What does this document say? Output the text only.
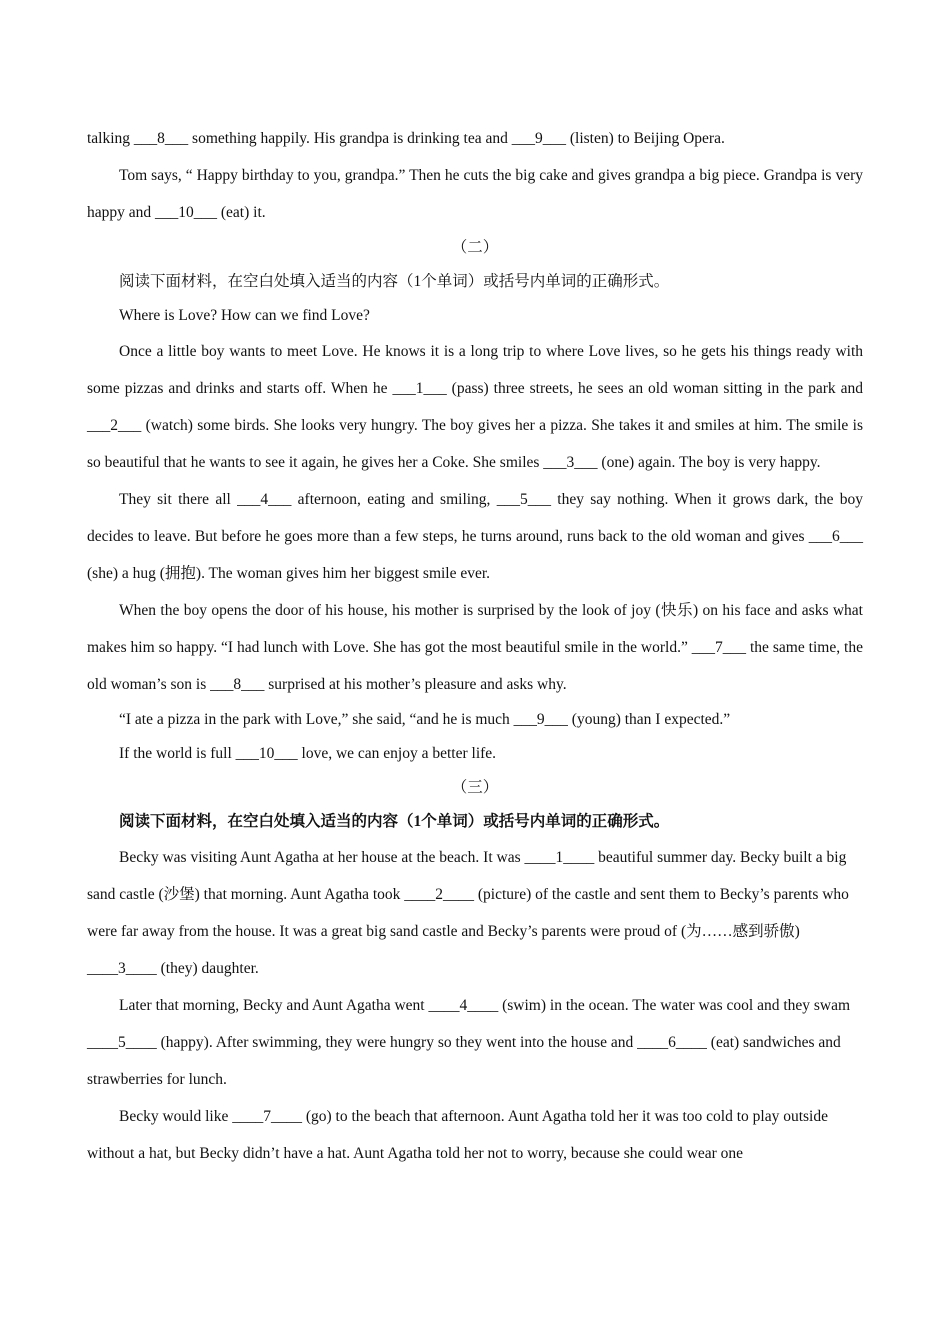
talking ___8___ something happily. His grandpa is drinking tea and ___9___ (listen) to Beijing Opera.

Tom says, “ Happy birthday to you, grandpa.” Then he cuts the big cake and gives grandpa a big piece. Grandpa is very happy and ___10___ (eat) it.

（二）

阅读下面材料，在空白处填入适当的内容（1个单词）或括号内单词的正确形式。

Where is Love? How can we find Love?

Once a little boy wants to meet Love. He knows it is a long trip to where Love lives, so he gets his things ready with some pizzas and drinks and starts off. When he ___1___ (pass) three streets, he sees an old woman sitting in the park and ___2___ (watch) some birds. She looks very hungry. The boy gives her a pizza. She takes it and smiles at him. The smile is so beautiful that he wants to see it again, he gives her a Coke. She smiles ___3___ (one) again. The boy is very happy.

They sit there all ___4___ afternoon, eating and smiling, ___5___ they say nothing. When it grows dark, the boy decides to leave. But before he goes more than a few steps, he turns around, runs back to the old woman and gives ___6___ (she) a hug (拥抱). The woman gives him her biggest smile ever.

When the boy opens the door of his house, his mother is surprised by the look of joy (快乐) on his face and asks what makes him so happy. “I had lunch with Love. She has got the most beautiful smile in the world.” ___7___ the same time, the old woman’s son is ___8___ surprised at his mother’s pleasure and asks why.

“I ate a pizza in the park with Love,” she said, “and he is much ___9___ (young) than I expected.”

If the world is full ___10___ love, we can enjoy a better life.

（三）

阅读下面材料，在空白处填入适当的内容（1个单词）或括号内单词的正确形式。

Becky was visiting Aunt Agatha at her house at the beach. It was ____1____ beautiful summer day. Becky built a big sand castle (沙堡) that morning. Aunt Agatha took ____2____ (picture) of the castle and sent them to Becky’s parents who were far away from the house. It was a great big sand castle and Becky’s parents were proud of (为……感到骄傲) ____3____ (they) daughter.

Later that morning, Becky and Aunt Agatha went ____4____ (swim) in the ocean. The water was cool and they swam ____5____ (happy). After swimming, they were hungry so they went into the house and ____6____ (eat) sandwiches and strawberries for lunch.

Becky would like ____7____ (go) to the beach that afternoon. Aunt Agatha told her it was too cold to play outside without a hat, but Becky didn’t have a hat. Aunt Agatha told her not to worry, because she could wear one
